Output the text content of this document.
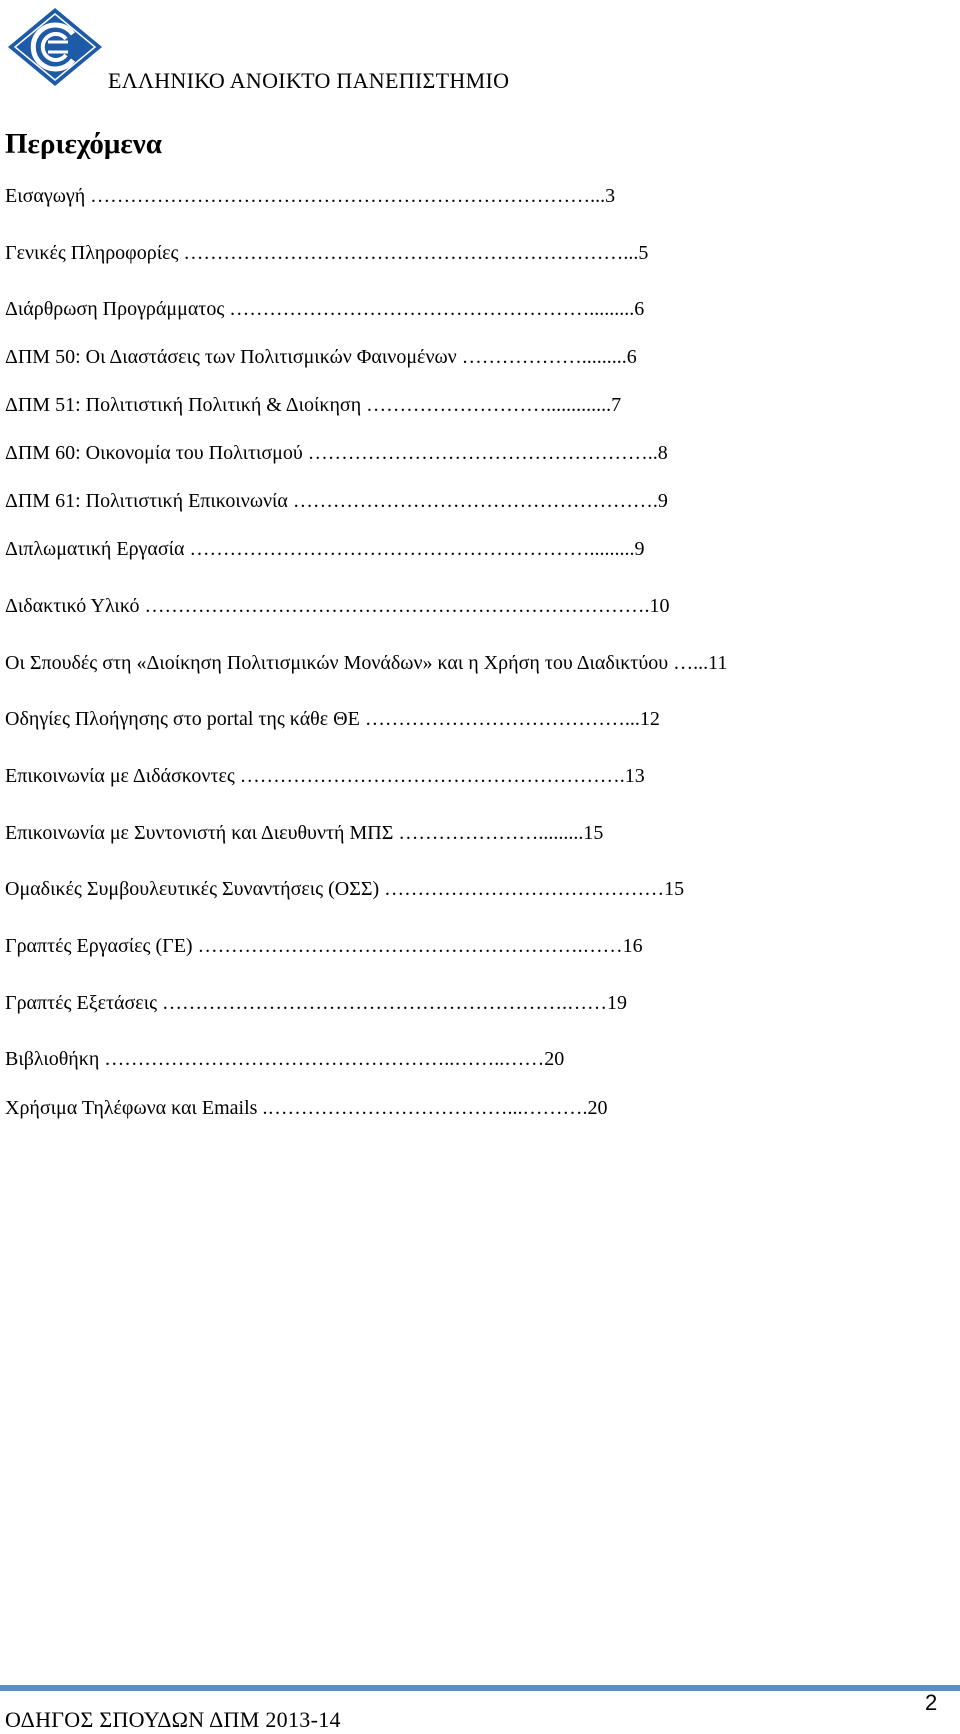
ΕΛΛΗΝΙΚΟ ΑΝΟΙΚΤΟ ΠΑΝΕΠΙΣΤΗΜΙΟ
Περιεχόμενα
Εισαγωγή …………………………………………………………………...3
Γενικές Πληροφορίες …………………………………………………………...5
Διάρθρωση Προγράμματος ……………………………………………….........6
ΔΠΜ 50: Οι Διαστάσεις των Πολιτισμικών Φαινομένων ……………….........6
ΔΠΜ 51: Πολιτιστική Πολιτική & Διοίκηση ……………………….............7
ΔΠΜ 60: Οικονομία του Πολιτισμού ……………………………………………..8
ΔΠΜ 61: Πολιτιστική Επικοινωνία ……………………………………………….9
Διπλωματική Εργασία …………………………………………………….........9
Διδακτικό Υλικό ………………………………………………………………….10
Οι Σπουδές στη «Διοίκηση Πολιτισμικών Μονάδων» και η Χρήση του Διαδικτύου …...11
Οδηγίες Πλοήγησης στο portal της κάθε ΘΕ …………………………………...12
Επικοινωνία με Διδάσκοντες ………………………………………………….13
Επικοινωνία με Συντονιστή και Διευθυντή ΜΠΣ ………………….........15
Ομαδικές Συμβουλευτικές Συναντήσεις (ΟΣΣ) ……………………………………15
Γραπτές Εργασίες (ΓΕ) ………………………………………………….……16
Γραπτές Εξετάσεις …………………………………………………….……19
Βιβλιοθήκη ……………………………………………..……..……20
Χρήσιμα Τηλέφωνα και Emails .………………………………...……….20
ΟΔΗΓΟΣ ΣΠΟΥΔΩΝ ΔΠΜ 2013-14
2
